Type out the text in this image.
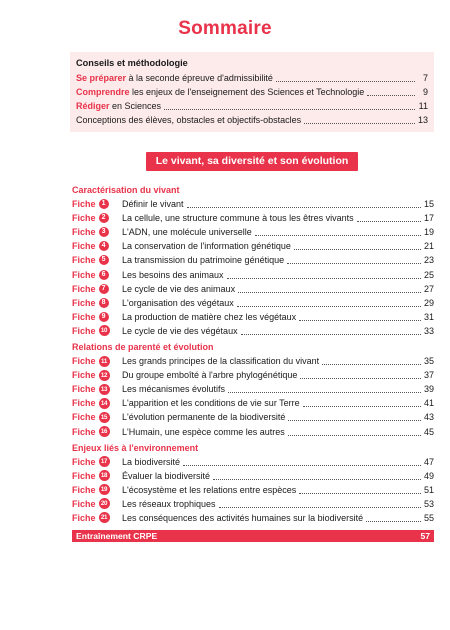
Sommaire
Conseils et méthodologie
Se préparer à la seconde épreuve d'admissibilité	7
Comprendre les enjeux de l'enseignement des Sciences et Technologie	9
Rédiger en Sciences	11
Conceptions des élèves, obstacles et objectifs-obstacles	13
Le vivant, sa diversité et son évolution
Caractérisation du vivant
Fiche 1	Définir le vivant	15
Fiche 2	La cellule, une structure commune à tous les êtres vivants	17
Fiche 3	L'ADN, une molécule universelle	19
Fiche 4	La conservation de l'information génétique	21
Fiche 5	La transmission du patrimoine génétique	23
Fiche 6	Les besoins des animaux	25
Fiche 7	Le cycle de vie des animaux	27
Fiche 8	L'organisation des végétaux	29
Fiche 9	La production de matière chez les végétaux	31
Fiche 10 Le cycle de vie des végétaux	33
Relations de parenté et évolution
Fiche 11 Les grands principes de la classification du vivant	35
Fiche 12 Du groupe emboîté à l'arbre phylogénétique	37
Fiche 13 Les mécanismes évolutifs	39
Fiche 14 L'apparition et les conditions de vie sur Terre	41
Fiche 15 L'évolution permanente de la biodiversité	43
Fiche 16 L'Humain, une espèce comme les autres	45
Enjeux liés à l'environnement
Fiche 17 La biodiversité	47
Fiche 18 Évaluer la biodiversité	49
Fiche 19 L'écosystème et les relations entre espèces	51
Fiche 20 Les réseaux trophiques	53
Fiche 21 Les conséquences des activités humaines sur la biodiversité	55
Entraînement CRPE	57
